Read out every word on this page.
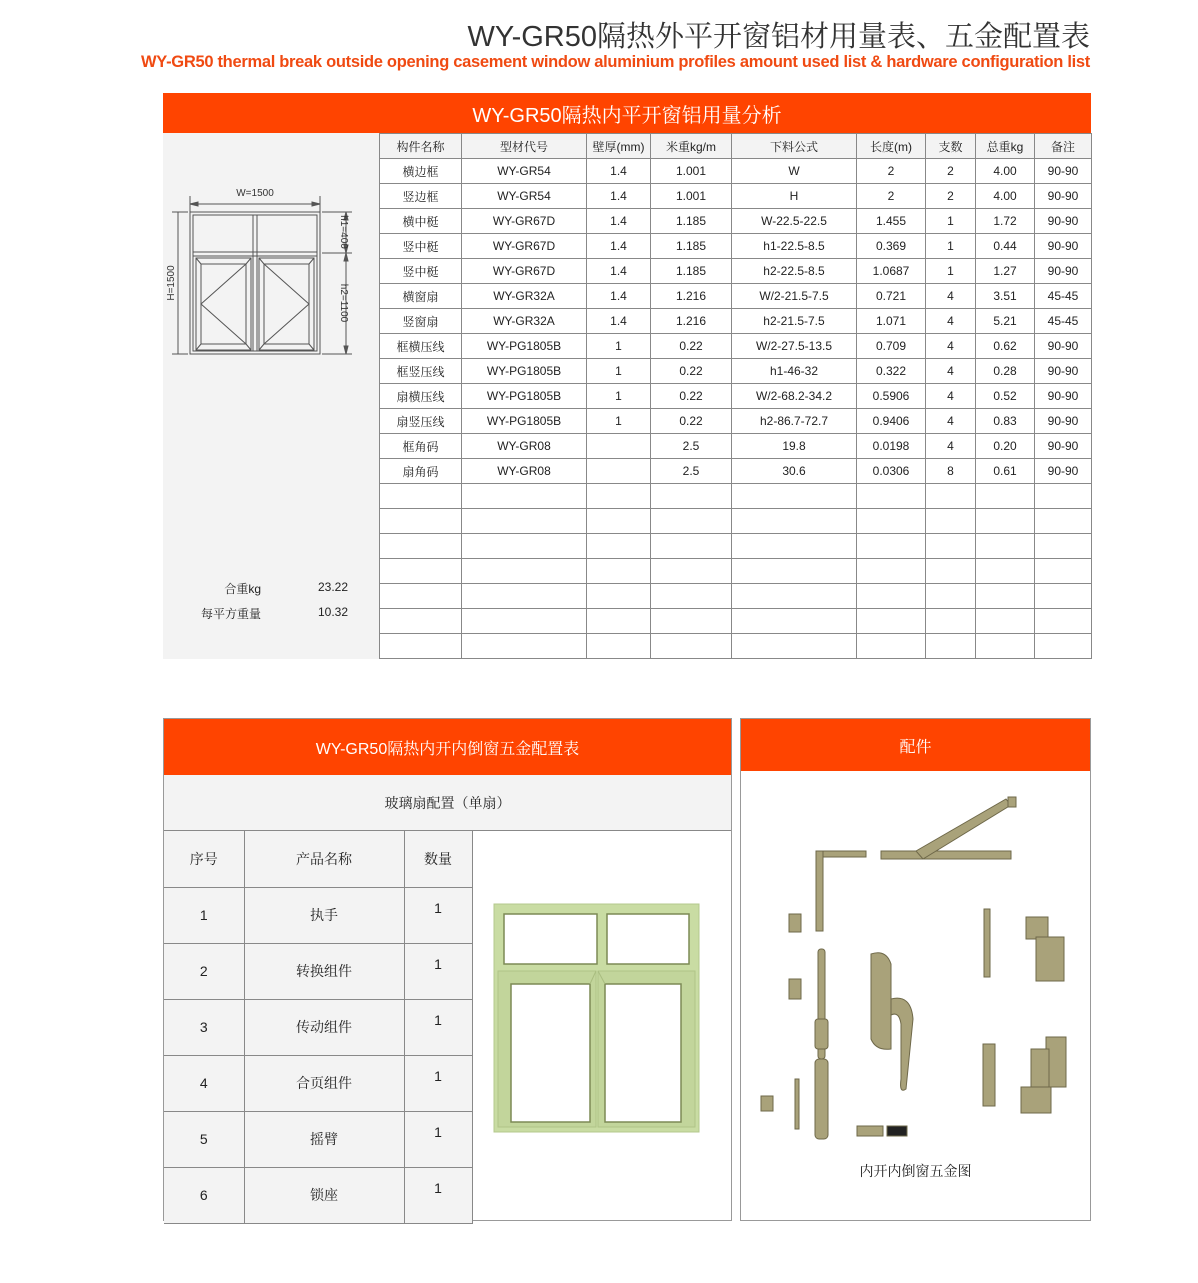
WY-GR50隔热外平开窗铝材用量表、五金配置表
WY-GR50 thermal break outside opening casement window aluminium profiles amount used list & hardware configuration list
WY-GR50隔热内平开窗铝用量分析
合重kg	23.22
每平方重量	10.32
W=1500
H=1500
h1=400
h2=1100
构件名称	型材代号	壁厚(mm)	米重kg/m	下料公式	长度(m)	支数	总重kg	备注
横边框	WY-GR54	1.4	1.001	W	2	2	4.00	90-90
竖边框	WY-GR54	1.4	1.001	H	2	2	4.00	90-90
横中梃	WY-GR67D	1.4	1.185	W-22.5-22.5	1.455	1	1.72	90-90
竖中梃	WY-GR67D	1.4	1.185	h1-22.5-8.5	0.369	1	0.44	90-90
竖中梃	WY-GR67D	1.4	1.185	h2-22.5-8.5	1.0687	1	1.27	90-90
横窗扇	WY-GR32A	1.4	1.216	W/2-21.5-7.5	0.721	4	3.51	45-45
竖窗扇	WY-GR32A	1.4	1.216	h2-21.5-7.5	1.071	4	5.21	45-45
框横压线	WY-PG1805B	1	0.22	W/2-27.5-13.5	0.709	4	0.62	90-90
框竖压线	WY-PG1805B	1	0.22	h1-46-32	0.322	4	0.28	90-90
扇横压线	WY-PG1805B	1	0.22	W/2-68.2-34.2	0.5906	4	0.52	90-90
扇竖压线	WY-PG1805B	1	0.22	h2-86.7-72.7	0.9406	4	0.83	90-90
框角码	WY-GR08		2.5	19.8	0.0198	4	0.20	90-90
扇角码	WY-GR08		2.5	30.6	0.0306	8	0.61	90-90

WY-GR50隔热内开内倒窗五金配置表
玻璃扇配置（单扇）
序号	产品名称	数量
1	执手	1
2	转换组件	1
3	传动组件	1
4	合页组件	1
5	摇臂	1
6	锁座	1
配件
内开内倒窗五金图
